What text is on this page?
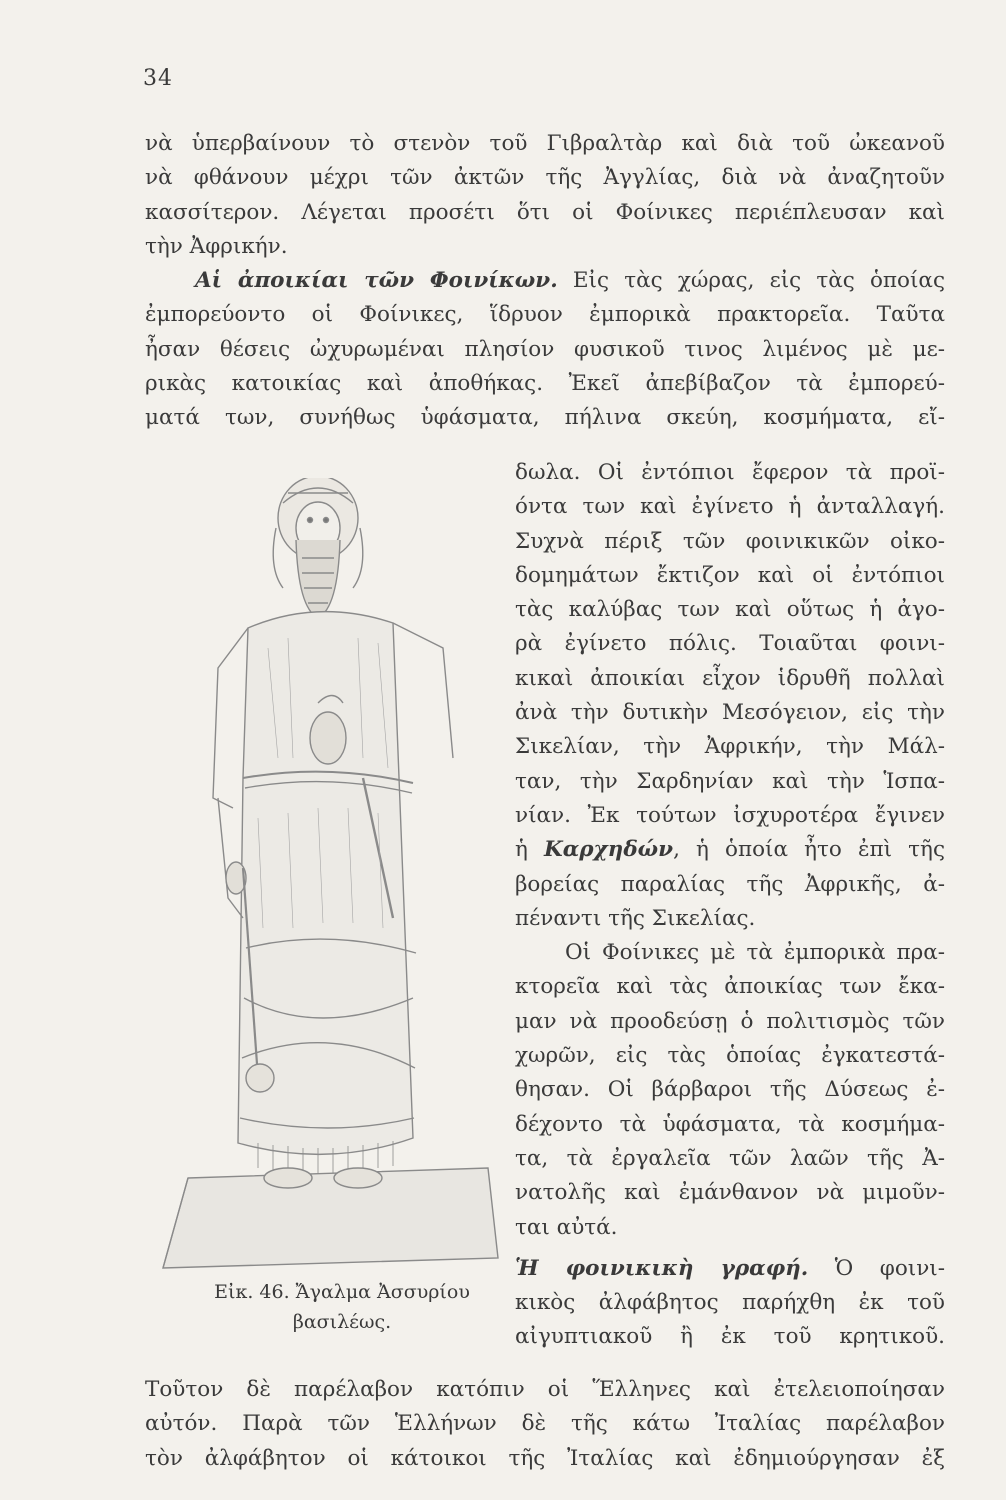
34
νὰ ὑπερβαίνουν τὸ στενὸν τοῦ Γιβραλτὰρ καὶ διὰ τοῦ ὠκεανοῦ
νὰ φθάνουν μέχρι τῶν ἀκτῶν τῆς Ἀγγλίας, διὰ νὰ ἀναζητοῦν
κασσίτερον. Λέγεται προσέτι ὅτι οἱ Φοίνικες περιέπλευσαν καὶ
τὴν Ἀφρικήν.
Αἱ ἀποικίαι τῶν Φοινίκων. Εἰς τὰς χώρας, εἰς τὰς ὁποίας
ἐμπορεύοντο οἱ Φοίνικες, ἵδρυον ἐμπορικὰ πρακτορεῖα. Ταῦτα
ἦσαν θέσεις ὠχυρωμέναι πλησίον φυσικοῦ τινος λιμένος μὲ με-
ρικὰς κατοικίας καὶ ἀποθήκας. Ἐκεῖ ἀπεβίβαζον τὰ ἐμπορεύ-
ματά των, συνήθως ὑφάσματα, πήλινα σκεύη, κοσμήματα, εἴ-
Εἰκ. 46. Ἄγαλμα Ἀσσυρίου
βασιλέως.
δωλα. Οἱ ἐντόπιοι ἔφερον τὰ προϊ-
όντα των καὶ ἐγίνετο ἡ ἀνταλλαγή.
Συχνὰ πέριξ τῶν φοινικικῶν οἰκο-
δομημάτων ἔκτιζον καὶ οἱ ἐντόπιοι
τὰς καλύβας των καὶ οὕτως ἡ ἀγο-
ρὰ ἐγίνετο πόλις. Τοιαῦται φοινι-
κικαὶ ἀποικίαι εἶχον ἱδρυθῆ πολλαὶ
ἀνὰ τὴν δυτικὴν Μεσόγειον, εἰς τὴν
Σικελίαν, τὴν Ἀφρικήν, τὴν Μάλ-
ταν, τὴν Σαρδηνίαν καὶ τὴν Ἱσπα-
νίαν. Ἐκ τούτων ἰσχυροτέρα ἔγινεν
ἡ Καρχηδών, ἡ ὁποία ἦτο ἐπὶ τῆς
βορείας παραλίας τῆς Ἀφρικῆς, ἀ-
πέναντι τῆς Σικελίας.
Οἱ Φοίνικες μὲ τὰ ἐμπορικὰ πρα-
κτορεῖα καὶ τὰς ἀποικίας των ἔκα-
μαν νὰ προοδεύσῃ ὁ πολιτισμὸς τῶν
χωρῶν, εἰς τὰς ὁποίας ἐγκατεστά-
θησαν. Οἱ βάρβαροι τῆς Δύσεως ἐ-
δέχοντο τὰ ὑφάσματα, τὰ κοσμήμα-
τα, τὰ ἐργαλεῖα τῶν λαῶν τῆς Ἀ-
νατολῆς καὶ ἐμάνθανον νὰ μιμοῦν-
ται αὐτά.
Ἡ φοινικικὴ γραφή. Ὁ φοινι-
κικὸς ἀλφάβητος παρήχθη ἐκ τοῦ
αἰγυπτιακοῦ ἢ ἐκ τοῦ κρητικοῦ.
Τοῦτον δὲ παρέλαβον κατόπιν οἱ Ἕλληνες καὶ ἐτελειοποίησαν
αὐτόν. Παρὰ τῶν Ἑλλήνων δὲ τῆς κάτω Ἰταλίας παρέλαβον
τὸν ἀλφάβητον οἱ κάτοικοι τῆς Ἰταλίας καὶ ἐδημιούργησαν ἐξ
